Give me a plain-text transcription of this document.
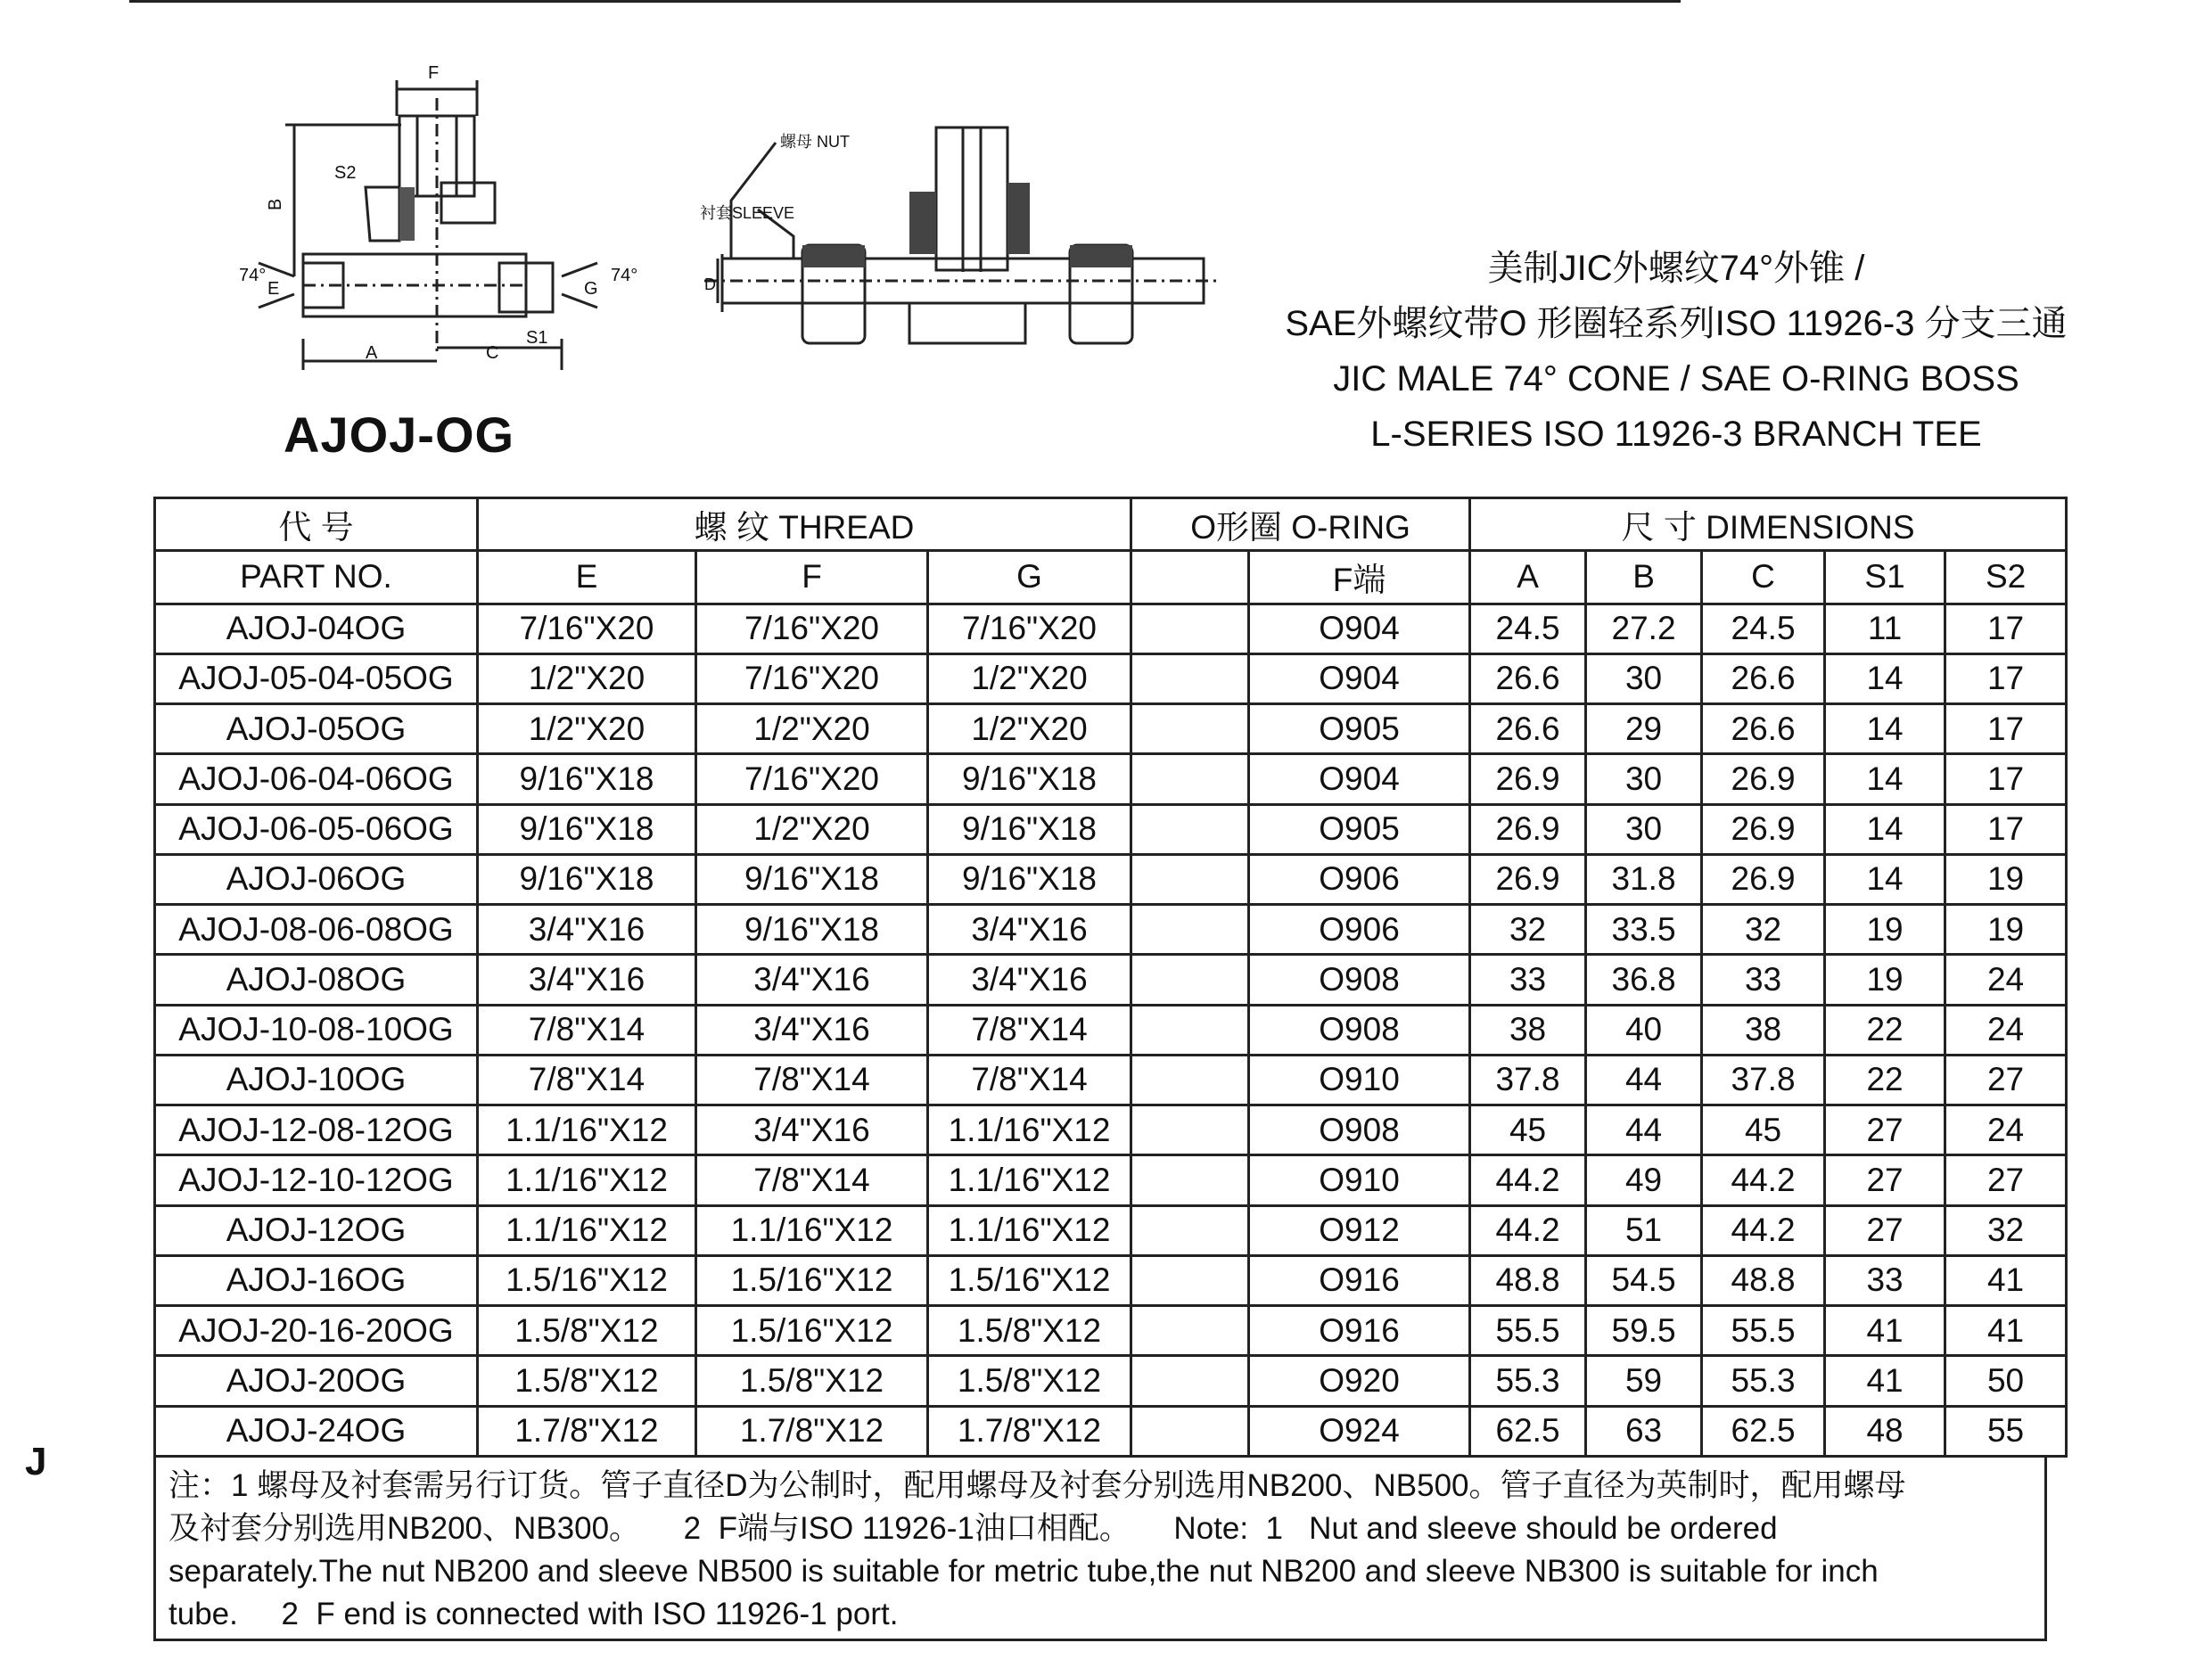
F
B
S2
74°	74°
E	G
A	C
S1
螺母 NUT
衬套SLEEVE
D
AJOJ-OG
美制JIC外螺纹74°外锥 /
SAE外螺纹带O 形圈轻系列ISO 11926-3 分支三通
JIC MALE 74° CONE / SAE O-RING BOSS
L-SERIES ISO 11926-3 BRANCH TEE
代 号	螺 纹 THREAD			O形圈 O-RING		尺 寸 DIMENSIONS				
PART NO.	E	F	G		F端	A	B	C	S1	S2
AJOJ-04OG	7/16"X20	7/16"X20	7/16"X20		O904	24.5	27.2	24.5	11	17
AJOJ-05-04-05OG	1/2"X20	7/16"X20	1/2"X20		O904	26.6	30	26.6	14	17
AJOJ-05OG	1/2"X20	1/2"X20	1/2"X20		O905	26.6	29	26.6	14	17
AJOJ-06-04-06OG	9/16"X18	7/16"X20	9/16"X18		O904	26.9	30	26.9	14	17
AJOJ-06-05-06OG	9/16"X18	1/2"X20	9/16"X18		O905	26.9	30	26.9	14	17
AJOJ-06OG	9/16"X18	9/16"X18	9/16"X18		O906	26.9	31.8	26.9	14	19
AJOJ-08-06-08OG	3/4"X16	9/16"X18	3/4"X16		O906	32	33.5	32	19	19
AJOJ-08OG	3/4"X16	3/4"X16	3/4"X16		O908	33	36.8	33	19	24
AJOJ-10-08-10OG	7/8"X14	3/4"X16	7/8"X14		O908	38	40	38	22	24
AJOJ-10OG	7/8"X14	7/8"X14	7/8"X14		O910	37.8	44	37.8	22	27
AJOJ-12-08-12OG	1.1/16"X12	3/4"X16	1.1/16"X12		O908	45	44	45	27	24
AJOJ-12-10-12OG	1.1/16"X12	7/8"X14	1.1/16"X12		O910	44.2	49	44.2	27	27
AJOJ-12OG	1.1/16"X12	1.1/16"X12	1.1/16"X12		O912	44.2	51	44.2	27	32
AJOJ-16OG	1.5/16"X12	1.5/16"X12	1.5/16"X12		O916	48.8	54.5	48.8	33	41
AJOJ-20-16-20OG	1.5/8"X12	1.5/16"X12	1.5/8"X12		O916	55.5	59.5	55.5	41	41
AJOJ-20OG	1.5/8"X12	1.5/8"X12	1.5/8"X12		O920	55.3	59	55.3	41	50
AJOJ-24OG	1.7/8"X12	1.7/8"X12	1.7/8"X12		O924	62.5	63	62.5	48	55
注：1 螺母及衬套需另行订货。管子直径D为公制时，配用螺母及衬套分别选用NB200、NB500。管子直径为英制时，配用螺母
及衬套分别选用NB200、NB300。     2  F端与ISO 11926-1油口相配。     Note:  1   Nut and sleeve should be ordered
separately.The nut NB200 and sleeve NB500 is suitable for metric tube,the nut NB200 and sleeve NB300 is suitable for inch
tube.     2  F end is connected with ISO 11926-1 port.
J
